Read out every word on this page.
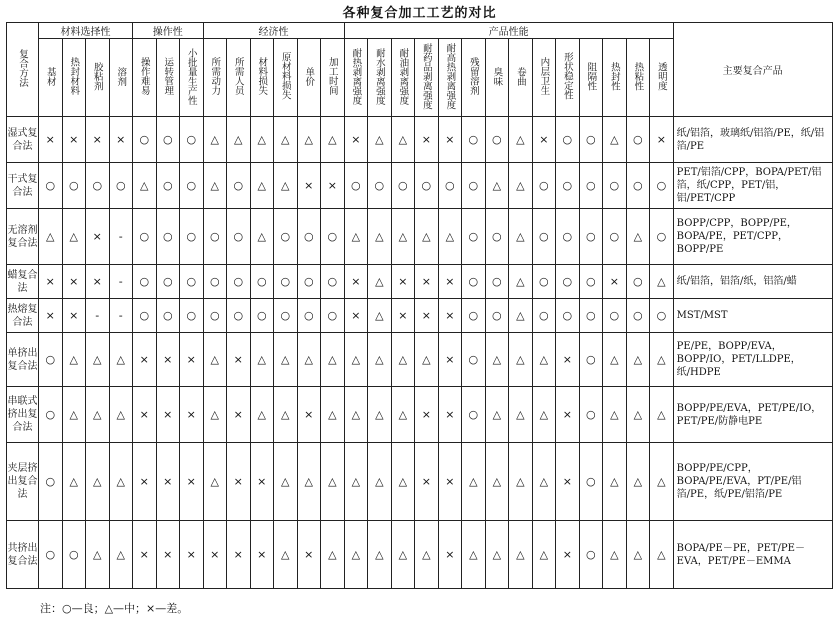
各种复合加工工艺的对比
复合方法	材料选择性				操作性			经济性						产品性能														主要复合产品
	基材	热封材料	胶粘剂	溶剂	操作难易	运转管理	小批量生产性	所需动力	所需人员	材料损失	原材料损失	单价	加工时间	耐热剥离强度	耐水剥离强度	耐油剥离强度	耐药品剥离强度	耐高热剥离强度	残留溶剂	臭味	卷曲	内层卫生	形状稳定性	阻隔性	热封性	热粘性	透明度	
湿式复合法	×	×	×	×	○	○	○	△	△	△	△	△	△	×	△	△	×	×	○	○	△	×	○	○	△	○	×	纸/铝箔，玻璃纸/铝箔/PE，纸/铝箔/PE
干式复合法	○	○	○	○	△	○	○	△	○	△	△	×	×	○	○	○	○	○	○	△	△	○	○	○	○	○	○	PET/铝箔/CPP，BOPA/PET/铝箔，纸/CPP，PET/铝，铝/PET/CPP
无溶剂复合法	△	△	×	-	○	○	○	○	○	△	○	○	○	△	△	△	△	△	○	○	△	○	○	○	○	△	○	BOPP/CPP，BOPP/PE，BOPA/PE，PET/CPP，BOPP/PE
蜡复合法	×	×	×	-	○	○	○	○	○	○	○	○	○	×	△	×	×	×	○	○	△	○	○	○	×	○	△	纸/铝箔，铝箔/纸，铝箔/蜡
热熔复合法	×	×	-	-	○	○	○	○	○	○	○	○	○	×	△	×	×	×	○	○	△	○	○	○	○	○	○	MST/MST
单挤出复合法	○	△	△	△	×	×	×	△	×	△	△	△	△	△	△	△	△	×	○	△	△	△	×	○	△	△	△	PE/PE，BOPP/EVA，BOPP/IO，PET/LLDPE，纸/HDPE
串联式挤出复合法	○	△	△	△	×	×	×	△	×	△	△	×	△	△	△	△	×	×	○	△	△	△	×	○	△	△	△	BOPP/PE/EVA，PET/PE/IO，PET/PE/防静电PE
夹层挤出复合法	○	△	△	△	×	×	×	△	×	×	△	△	△	△	△	△	×	×	△	△	△	△	×	○	△	△	△	BOPP/PE/CPP，BOPA/PE/EVA，PT/PE/铝箔/PE，纸/PE/铝箔/PE
共挤出复合法	○	○	△	△	×	×	×	×	×	×	△	×	△	△	△	△	△	×	△	△	△	△	×	○	△	△	△	BOPA/PE－PE，PET/PE－EVA，PET/PE－EMMA
注：○—良；△—中；×—差。
